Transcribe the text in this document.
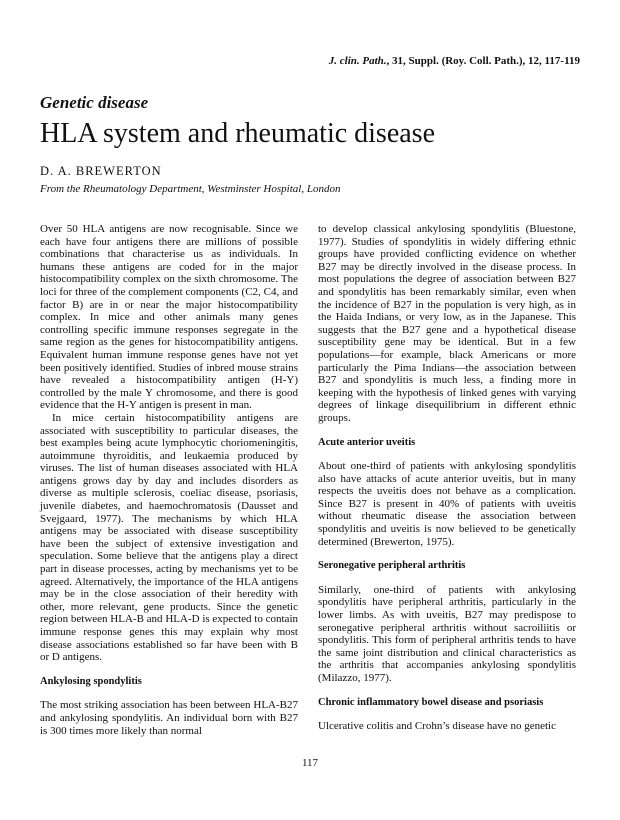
J. clin. Path., 31, Suppl. (Roy. Coll. Path.), 12, 117-119
Genetic disease
HLA system and rheumatic disease
D. A. BREWERTON
From the Rheumatology Department, Westminster Hospital, London

Over 50 HLA antigens are now recognisable. Since we each have four antigens there are millions of possible combinations that characterise us as individuals. In humans these antigens are coded for in the major histocompatibility complex on the sixth chromosome. The loci for three of the complement components (C2, C4, and factor B) are in or near the major histocompatibility complex. In mice and other animals many genes controlling specific immune responses segregate in the same region as the genes for histocompatibility antigens. Equivalent human immune response genes have not yet been positively identified. Studies of inbred mouse strains have revealed a histocompatibility antigen (H-Y) controlled by the male Y chromosome, and there is good evidence that the H-Y antigen is present in man.

In mice certain histocompatibility antigens are associated with susceptibility to particular diseases, the best examples being acute lymphocytic choriomeningitis, autoimmune thyroiditis, and leukaemia produced by viruses. The list of human diseases associated with HLA antigens grows day by day and includes disorders as diverse as multiple sclerosis, coeliac disease, psoriasis, juvenile diabetes, and haemochromatosis (Dausset and Svejgaard, 1977). The mechanisms by which HLA antigens may be associated with disease susceptibility have been the subject of extensive investigation and speculation. Some believe that the antigens play a direct part in disease processes, acting by mechanisms yet to be agreed. Alternatively, the importance of the HLA antigens may be in the close association of their heredity with other, more relevant, gene products. Since the genetic region between HLA-B and HLA-D is expected to contain immune response genes this may explain why most disease associations established so far have been with B or D antigens.

Ankylosing spondylitis

The most striking association has been between HLA-B27 and ankylosing spondylitis. An individual born with B27 is 300 times more likely than normal

to develop classical ankylosing spondylitis (Bluestone, 1977). Studies of spondylitis in widely differing ethnic groups have provided conflicting evidence on whether B27 may be directly involved in the disease process. In most populations the degree of association between B27 and spondylitis has been remarkably similar, even when the incidence of B27 in the population is very high, as in the Haida Indians, or very low, as in the Japanese. This suggests that the B27 gene and a hypothetical disease susceptibility gene may be identical. But in a few populations—for example, black Americans or more particularly the Pima Indians—the association between B27 and spondylitis is much less, a finding more in keeping with the hypothesis of linked genes with varying degrees of linkage disequilibrium in different ethnic groups.

Acute anterior uveitis

About one-third of patients with ankylosing spondylitis also have attacks of acute anterior uveitis, but in many respects the uveitis does not behave as a complication. Since B27 is present in 40% of patients with uveitis without rheumatic disease the association between spondylitis and uveitis is now believed to be genetically determined (Brewerton, 1975).

Seronegative peripheral arthritis

Similarly, one-third of patients with ankylosing spondylitis have peripheral arthritis, particularly in the lower limbs. As with uveitis, B27 may predispose to seronegative peripheral arthritis without sacroiliitis or spondylitis. This form of peripheral arthritis tends to have the same joint distribution and clinical characteristics as the arthritis that accompanies ankylosing spondylitis (Milazzo, 1977).

Chronic inflammatory bowel disease and psoriasis

Ulcerative colitis and Crohn’s disease have no genetic

117
